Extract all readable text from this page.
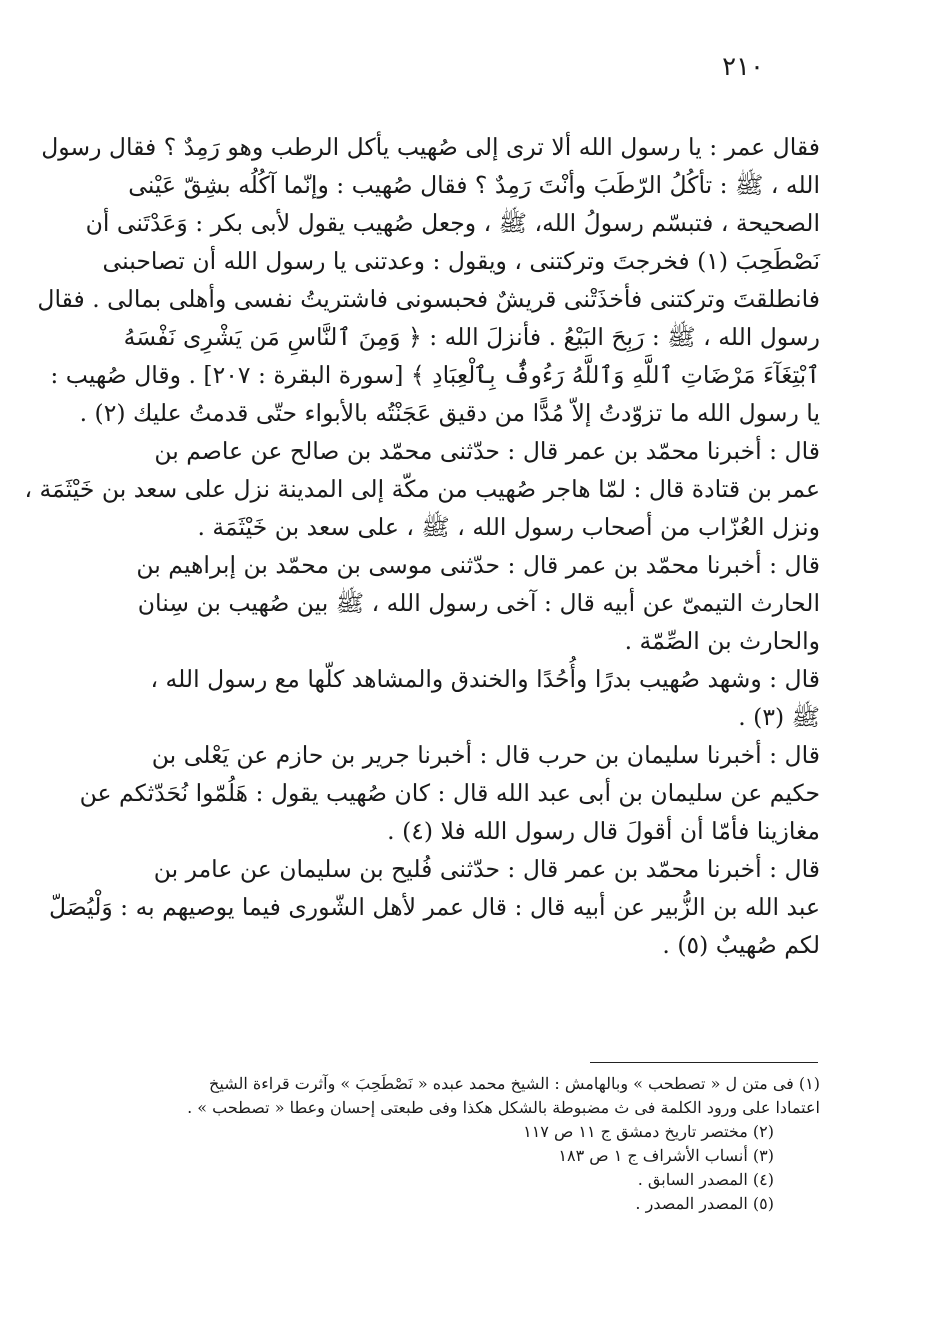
٢١٠
فقال عمر : يا رسول الله ألا ترى إلى صُهيب يأكل الرطب وهو رَمِدٌ ؟ فقال رسول
الله ، ﷺ : تأكُلُ الرّطَبَ وأنْتَ رَمِدٌ ؟ فقال صُهيب : وإنّما آكُلُه بشِقّ عَيْنى
الصحيحة ، فتبسّم رسولُ الله، ﷺ ، وجعل صُهيب يقول لأبى بكر : وَعَدْتَنى أن
نَصْطَحِبَ (١) فخرجتَ وتركتنى ، ويقول : وعدتنى يا رسول الله أن تصاحبنى
فانطلقتَ وتركتنى فأخذَتْنى قريشٌ فحبسونى فاشتريتُ نفسى وأهلى بمالى . فقال
رسول الله ، ﷺ : رَبِحَ البَيْعُ . فأنزلَ الله : ﴿ وَمِنَ ٱلنَّاسِ مَن يَشْرِى نَفْسَهُ
ٱبْتِغَآءَ مَرْضَاتِ ٱللَّهِ وَٱللَّهُ رَءُوفٌۢ بِٱلْعِبَادِ ﴾ [سورة البقرة : ٢٠٧] . وقال صُهيب :
يا رسول الله ما تزوّدتُ إلاّ مُدًّا من دقيق عَجَنْتُه بالأبواء حتّى قدمتُ عليك (٢) .
قال : أخبرنا محمّد بن عمر قال : حدّثنى محمّد بن صالح عن عاصم بن
عمر بن قتادة قال : لمّا هاجر صُهيب من مكّة إلى المدينة نزل على سعد بن خَيْثَمَة ،
ونزل العُزّاب من أصحاب رسول الله ، ﷺ ، على سعد بن خَيْثَمَة .
قال : أخبرنا محمّد بن عمر قال : حدّثنى موسى بن محمّد بن إبراهيم بن
الحارث التيمىّ عن أبيه قال : آخى رسول الله ، ﷺ بين صُهيب بن سِنان
والحارث بن الصِّمّة .
قال : وشهد صُهيب بدرًا وأُحُدًا والخندق والمشاهد كلّها مع رسول الله ،
ﷺ (٣) .
قال : أخبرنا سليمان بن حرب قال : أخبرنا جرير بن حازم عن يَعْلى بن
حكيم عن سليمان بن أبى عبد الله قال : كان صُهيب يقول : هَلُمّوا نُحَدّثكم عن
مغازينا فأمّا أن أقولَ قال رسول الله فلا (٤) .
قال : أخبرنا محمّد بن عمر قال : حدّثنى فُليح بن سليمان عن عامر بن
عبد الله بن الزُّبير عن أبيه قال : قال عمر لأهل الشّورى فيما يوصيهم به : وَلْيُصَلّ
لكم صُهيبٌ (٥) .
(١) فى متن ل « تصطحب » وبالهامش : الشيخ محمد عبده « نَصْطَحِبَ » وآثرت قراءة الشيخ
اعتمادا على ورود الكلمة فى ث مضبوطة بالشكل هكذا وفى طبعتى إحسان وعطا « تصطحب » .
(٢) مختصر تاريخ دمشق ج ١١ ص ١١٧
(٣) أنساب الأشراف ج ١ ص ١٨٣
(٤) المصدر السابق .
(٥) المصدر المصدر .
